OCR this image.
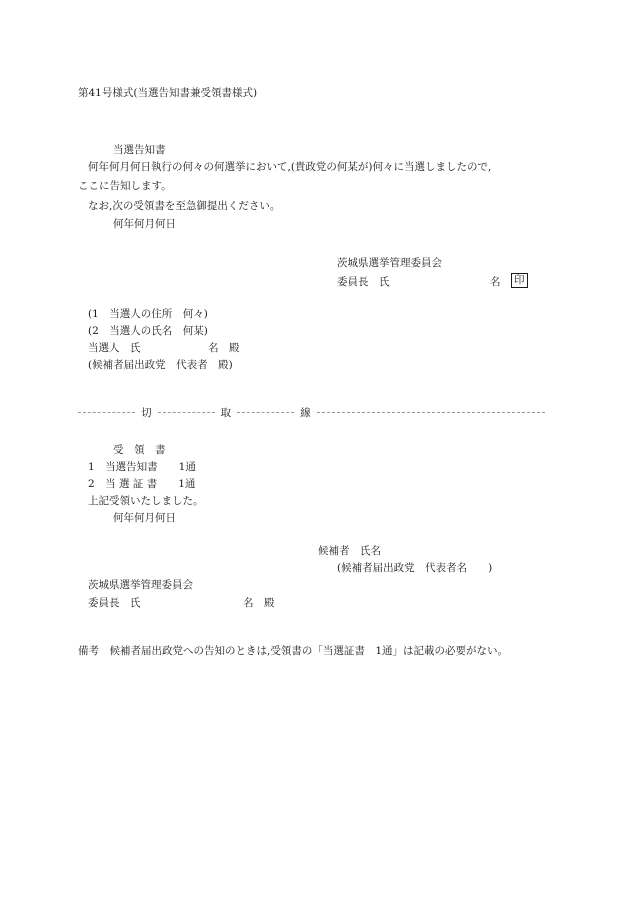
第41号様式(当選告知書兼受領書様式)
当選告知書
何年何月何日執行の何々の何選挙において,(貴政党の何某が)何々に当選しましたので,
ここに告知します。
なお,次の受領書を至急御提出ください。
何年何月何日
茨城県選挙管理委員会
委員長　氏	名 印
(1　当選人の住所　何々)
(2　当選人の氏名　何某)
当選人　氏	名　殿
(候補者届出政党　代表者　殿)
切	取	線
受　領　書
1　当選告知書　　1通
2　当 選 証 書　　1通
上記受領いたしました。
何年何月何日
候補者　氏名
(候補者届出政党　代表者名　　)
茨城県選挙管理委員会
委員長　氏	名　殿
備考　候補者届出政党への告知のときは,受領書の「当選証書　1通」は記載の必要がない。
